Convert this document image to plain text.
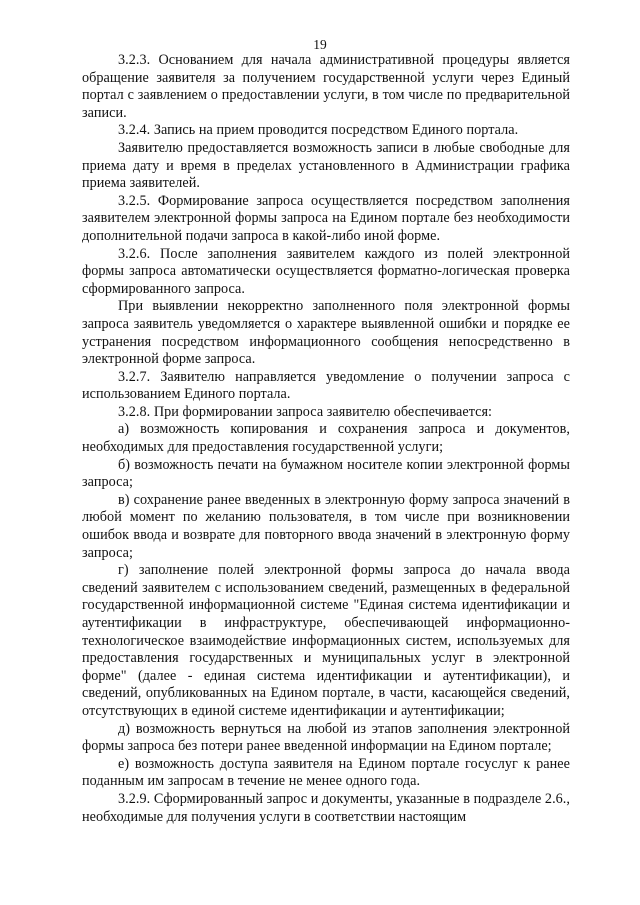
19

3.2.3. Основанием для начала административной процедуры является обращение заявителя за получением государственной услуги через Единый портал с заявлением о предоставлении услуги, в том числе по предварительной записи.

3.2.4. Запись на прием проводится посредством Единого портала.

Заявителю предоставляется возможность записи в любые свободные для приема дату и время в пределах установленного в Администрации графика приема заявителей.

3.2.5. Формирование запроса осуществляется посредством заполнения заявителем электронной формы запроса на Едином портале без необходимости дополнительной подачи запроса в какой-либо иной форме.

3.2.6. После заполнения заявителем каждого из полей электронной формы запроса автоматически осуществляется форматно-логическая проверка сформированного запроса.

При выявлении некорректно заполненного поля электронной формы запроса заявитель уведомляется о характере выявленной ошибки и порядке ее устранения посредством информационного сообщения непосредственно в электронной форме запроса.

3.2.7. Заявителю направляется уведомление о получении запроса с использованием Единого портала.

3.2.8. При формировании запроса заявителю обеспечивается:

а) возможность копирования и сохранения запроса и документов, необходимых для предоставления государственной услуги;

б) возможность печати на бумажном носителе копии электронной формы запроса;

в) сохранение ранее введенных в электронную форму запроса значений в любой момент по желанию пользователя, в том числе при возникновении ошибок ввода и возврате для повторного ввода значений в электронную форму запроса;

г) заполнение полей электронной формы запроса до начала ввода сведений заявителем с использованием сведений, размещенных в федеральной государственной информационной системе "Единая система идентификации и аутентификации в инфраструктуре, обеспечивающей информационно-технологическое взаимодействие информационных систем, используемых для предоставления государственных и муниципальных услуг в электронной форме" (далее - единая система идентификации и аутентификации), и сведений, опубликованных на Едином портале, в части, касающейся сведений, отсутствующих в единой системе идентификации и аутентификации;

д) возможность вернуться на любой из этапов заполнения электронной формы запроса без потери ранее введенной информации на Едином портале;

е) возможность доступа заявителя на Едином портале госуслуг к ранее поданным им запросам в течение не менее одного года.

3.2.9. Сформированный запрос и документы, указанные в подразделе 2.6., необходимые для получения услуги в соответствии настоящим
